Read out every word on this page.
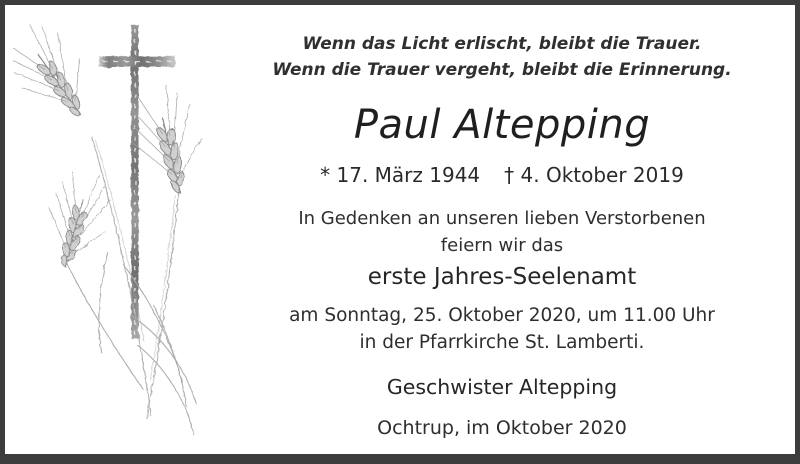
Wenn das Licht erlischt, bleibt die Trauer.
Wenn die Trauer vergeht, bleibt die Erinnerung.
Paul Altepping
* 17. März 1944 † 4. Oktober 2019
In Gedenken an unseren lieben Verstorbenen
feiern wir das
erste Jahres-Seelenamt
am Sonntag, 25. Oktober 2020, um 11.00 Uhr
in der Pfarrkirche St. Lamberti.
Geschwister Altepping
Ochtrup, im Oktober 2020
